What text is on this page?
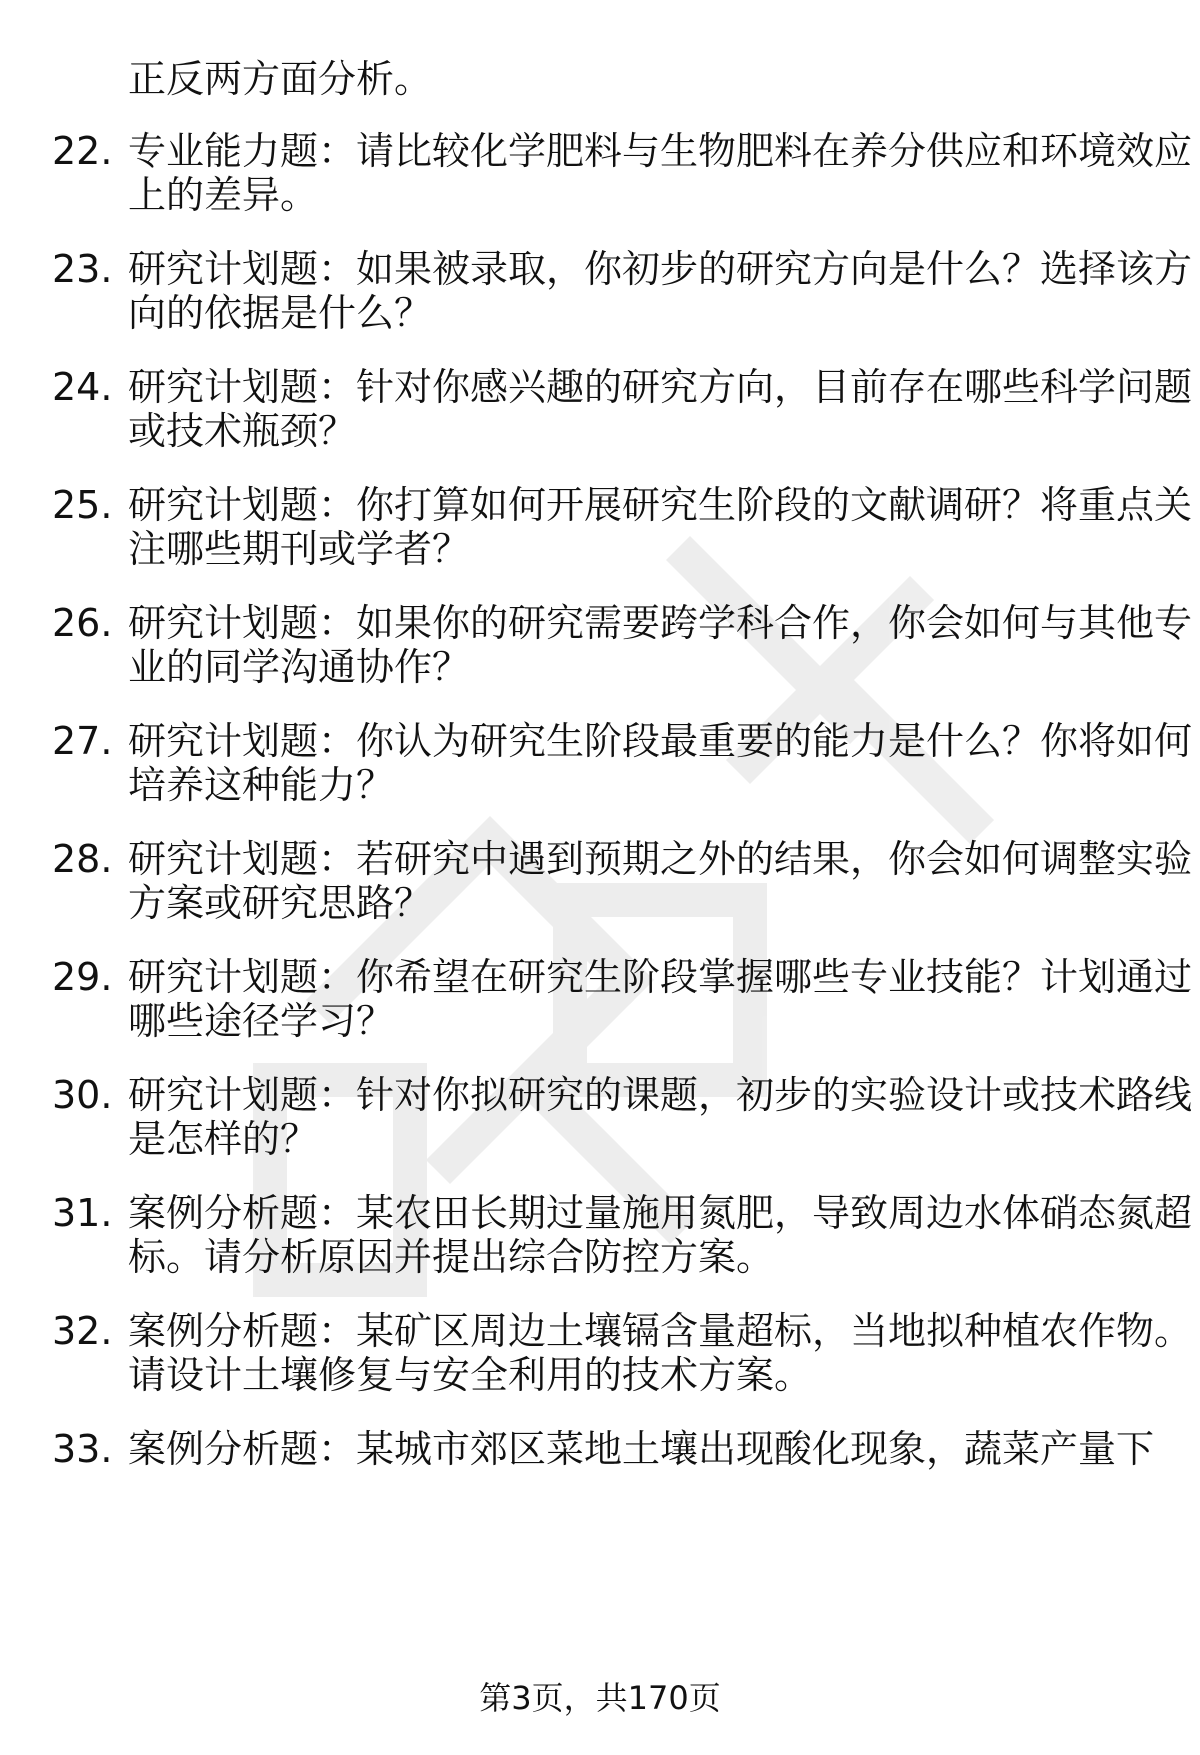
正反两方面分析。
22. 专业能力题：请比较化学肥料与生物肥料在养分供应和环境效应
上的差异。
23. 研究计划题：如果被录取，你初步的研究方向是什么？选择该方
向的依据是什么？
24. 研究计划题：针对你感兴趣的研究方向，目前存在哪些科学问题
或技术瓶颈？
25. 研究计划题：你打算如何开展研究生阶段的文献调研？将重点关
注哪些期刊或学者？
26. 研究计划题：如果你的研究需要跨学科合作，你会如何与其他专
业的同学沟通协作？
27. 研究计划题：你认为研究生阶段最重要的能力是什么？你将如何
培养这种能力？
28. 研究计划题：若研究中遇到预期之外的结果，你会如何调整实验
方案或研究思路？
29. 研究计划题：你希望在研究生阶段掌握哪些专业技能？计划通过
哪些途径学习？
30. 研究计划题：针对你拟研究的课题，初步的实验设计或技术路线
是怎样的？
31. 案例分析题：某农田长期过量施用氮肥，导致周边水体硝态氮超
标。请分析原因并提出综合防控方案。
32. 案例分析题：某矿区周边土壤镉含量超标，当地拟种植农作物。
请设计土壤修复与安全利用的技术方案。
33. 案例分析题：某城市郊区菜地土壤出现酸化现象，蔬菜产量下
第3页，共170页
